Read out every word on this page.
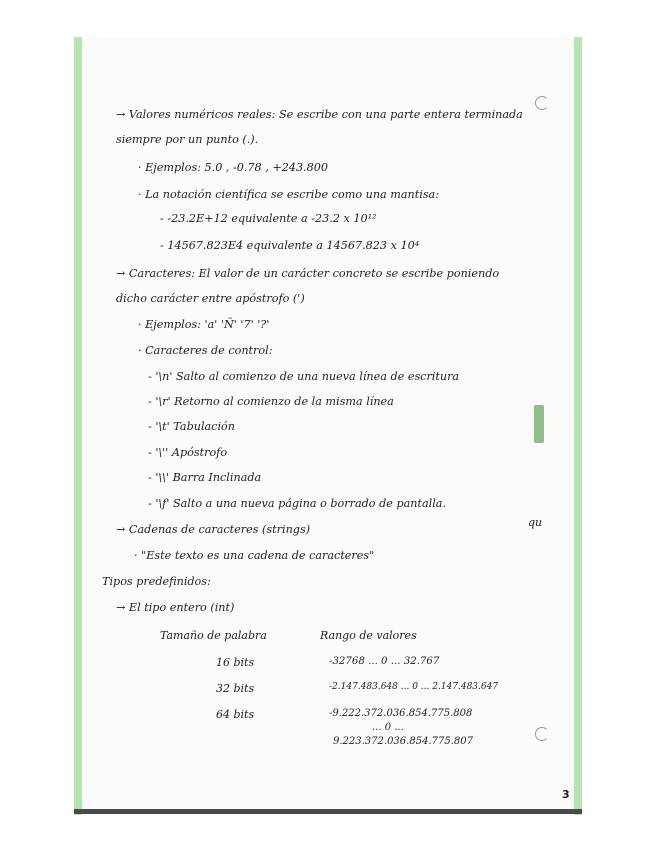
→ Valores numéricos reales: Se escribe con una parte entera terminada
siempre por un punto (.).
· Ejemplos: 5.0 , -0.78 , +243.800
· La notación científica se escribe como una mantisa:
- -23.2E+12 equivalente a -23.2 x 10¹²
- 14567.823E4 equivalente a 14567.823 x 10⁴
→ Caracteres: El valor de un carácter concreto se escribe poniendo
dicho carácter entre apóstrofo (')
· Ejemplos: 'a' 'Ñ' '7' '?'
· Caracteres de control:
- '\n' Salto al comienzo de una nueva línea de escritura
- '\r' Retorno al comienzo de la misma línea
- '\t' Tabulación
- '\'' Apóstrofo
- '\\' Barra Inclinada
- '\f' Salto a una nueva página o borrado de pantalla.
→ Cadenas de caracteres (strings)
· "Este texto es una cadena de caracteres"
Tipos predefinidos:
→ El tipo entero (int)
Tamaño de palabra	Rango de valores
16 bits	-32768 ... 0 ... 32.767
32 bits	-2.147.483.648 ... 0 ... 2.147.483.647
64 bits	-9.222.372.036.854.775.808
... 0 ...
9.223.372.036.854.775.807
qu
3
